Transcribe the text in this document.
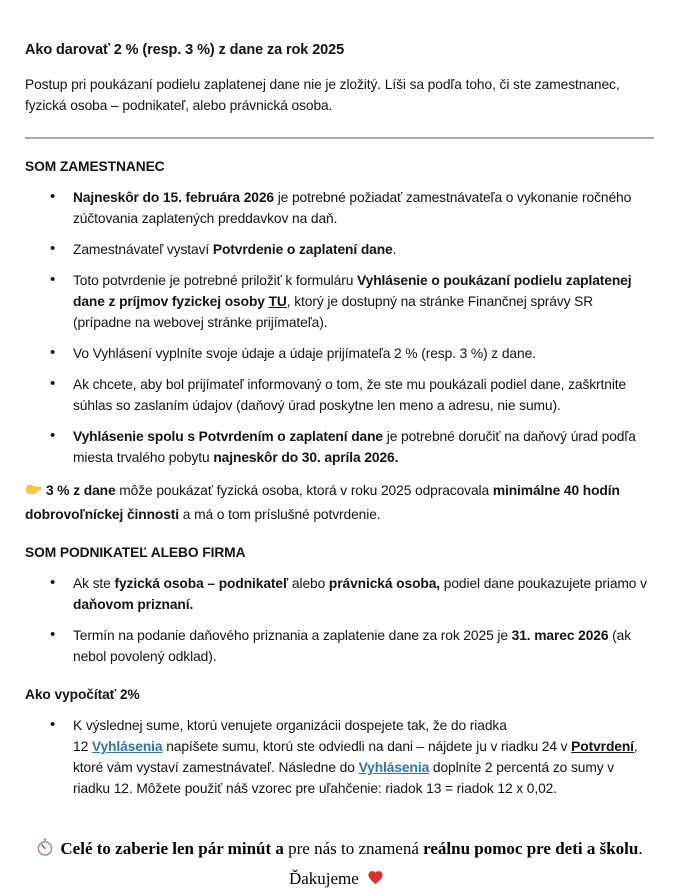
Ako darovať 2 % (resp. 3 %) z dane za rok 2025

Postup pri poukázaní podielu zaplatenej dane nie je zložitý. Líši sa podľa toho, či ste zamestnanec, fyzická osoba – podnikateľ, alebo právnická osoba.

SOM ZAMESTNANEC
• Najneskôr do 15. februára 2026 je potrebné požiadať zamestnávateľa o vykonanie ročného zúčtovania zaplatených preddavkov na daň.
• Zamestnávateľ vystaví Potvrdenie o zaplatení dane.
• Toto potvrdenie je potrebné priložiť k formuláru Vyhlásenie o poukázaní podielu zaplatenej dane z príjmov fyzickej osoby TU, ktorý je dostupný na stránke Finančnej správy SR (prípadne na webovej stránke prijímateľa).
• Vo Vyhlásení vyplníte svoje údaje a údaje prijímateľa 2 % (resp. 3 %) z dane.
• Ak chcete, aby bol prijímateľ informovaný o tom, že ste mu poukázali podiel dane, zaškrtnite súhlas so zaslaním údajov (daňový úrad poskytne len meno a adresu, nie sumu).
• Vyhlásenie spolu s Potvrdením o zaplatení dane je potrebné doručiť na daňový úrad podľa miesta trvalého pobytu najneskôr do 30. apríla 2026.

3 % z dane môže poukázať fyzická osoba, ktorá v roku 2025 odpracovala minimálne 40 hodín dobrovoľníckej činnosti a má o tom príslušné potvrdenie.

SOM PODNIKATEĽ ALEBO FIRMA
• Ak ste fyzická osoba – podnikateľ alebo právnická osoba, podiel dane poukazujete priamo v daňovom priznaní.
• Termín na podanie daňového priznania a zaplatenie dane za rok 2025 je 31. marec 2026 (ak nebol povolený odklad).
Ako vypočítať 2%
• K výslednej sume, ktorú venujete organizácii dospejete tak, že do riadka
12 Vyhlásenia napíšete sumu, ktorú ste odviedli na dani – nájdete ju v riadku 24 v Potvrdení, ktoré vám vystaví zamestnávateľ. Následne do Vyhlásenia doplníte 2 percentá zo sumy v riadku 12. Môžete použiť náš vzorec pre uľahčenie: riadok 13 = riadok 12 x 0,02.
Celé to zaberie len pár minút a pre nás to znamená reálnu pomoc pre deti a školu.
Ďakujeme
